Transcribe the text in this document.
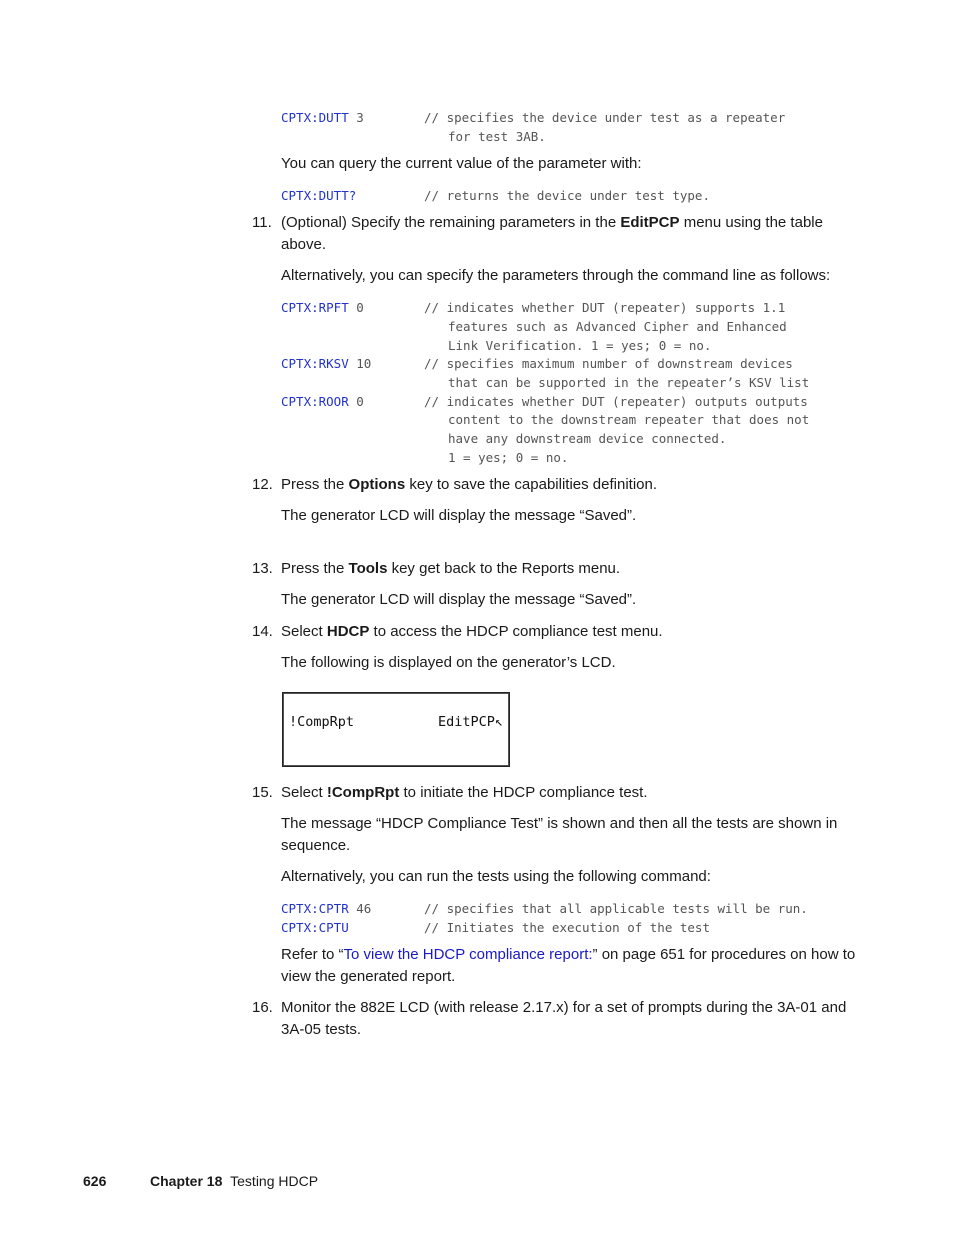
CPTX:DUTT 3	// specifies the device under test as a repeater
for test 3AB.
You can query the current value of the parameter with:
CPTX:DUTT?	// returns the device under test type.
11. (Optional) Specify the remaining parameters in the EditPCP menu using the table above.
Alternatively, you can specify the parameters through the command line as follows:
CPTX:RPFT 0	// indicates whether DUT (repeater) supports 1.1
features such as Advanced Cipher and Enhanced
Link Verification. 1 = yes; 0 = no.
CPTX:RKSV 10	// specifies maximum number of downstream devices
that can be supported in the repeater’s KSV list
CPTX:ROOR 0	// indicates whether DUT (repeater) outputs outputs
content to the downstream repeater that does not
have any downstream device connected.
1 = yes; 0 = no.
12. Press the Options key to save the capabilities definition.
The generator LCD will display the message “Saved”.
13. Press the Tools key get back to the Reports menu.
The generator LCD will display the message “Saved”.
14. Select HDCP to access the HDCP compliance test menu.
The following is displayed on the generator’s LCD.
!CompRpt	EditPCP↖
15. Select !CompRpt to initiate the HDCP compliance test.
The message “HDCP Compliance Test” is shown and then all the tests are shown in sequence.
Alternatively, you can run the tests using the following command:
CPTX:CPTR 46	// specifies that all applicable tests will be run.
CPTX:CPTU	// Initiates the execution of the test
Refer to “To view the HDCP compliance report:” on page 651 for procedures on how to view the generated report.
16. Monitor the 882E LCD (with release 2.17.x) for a set of prompts during the 3A-01 and 3A-05 tests.
626	Chapter 18 Testing HDCP
